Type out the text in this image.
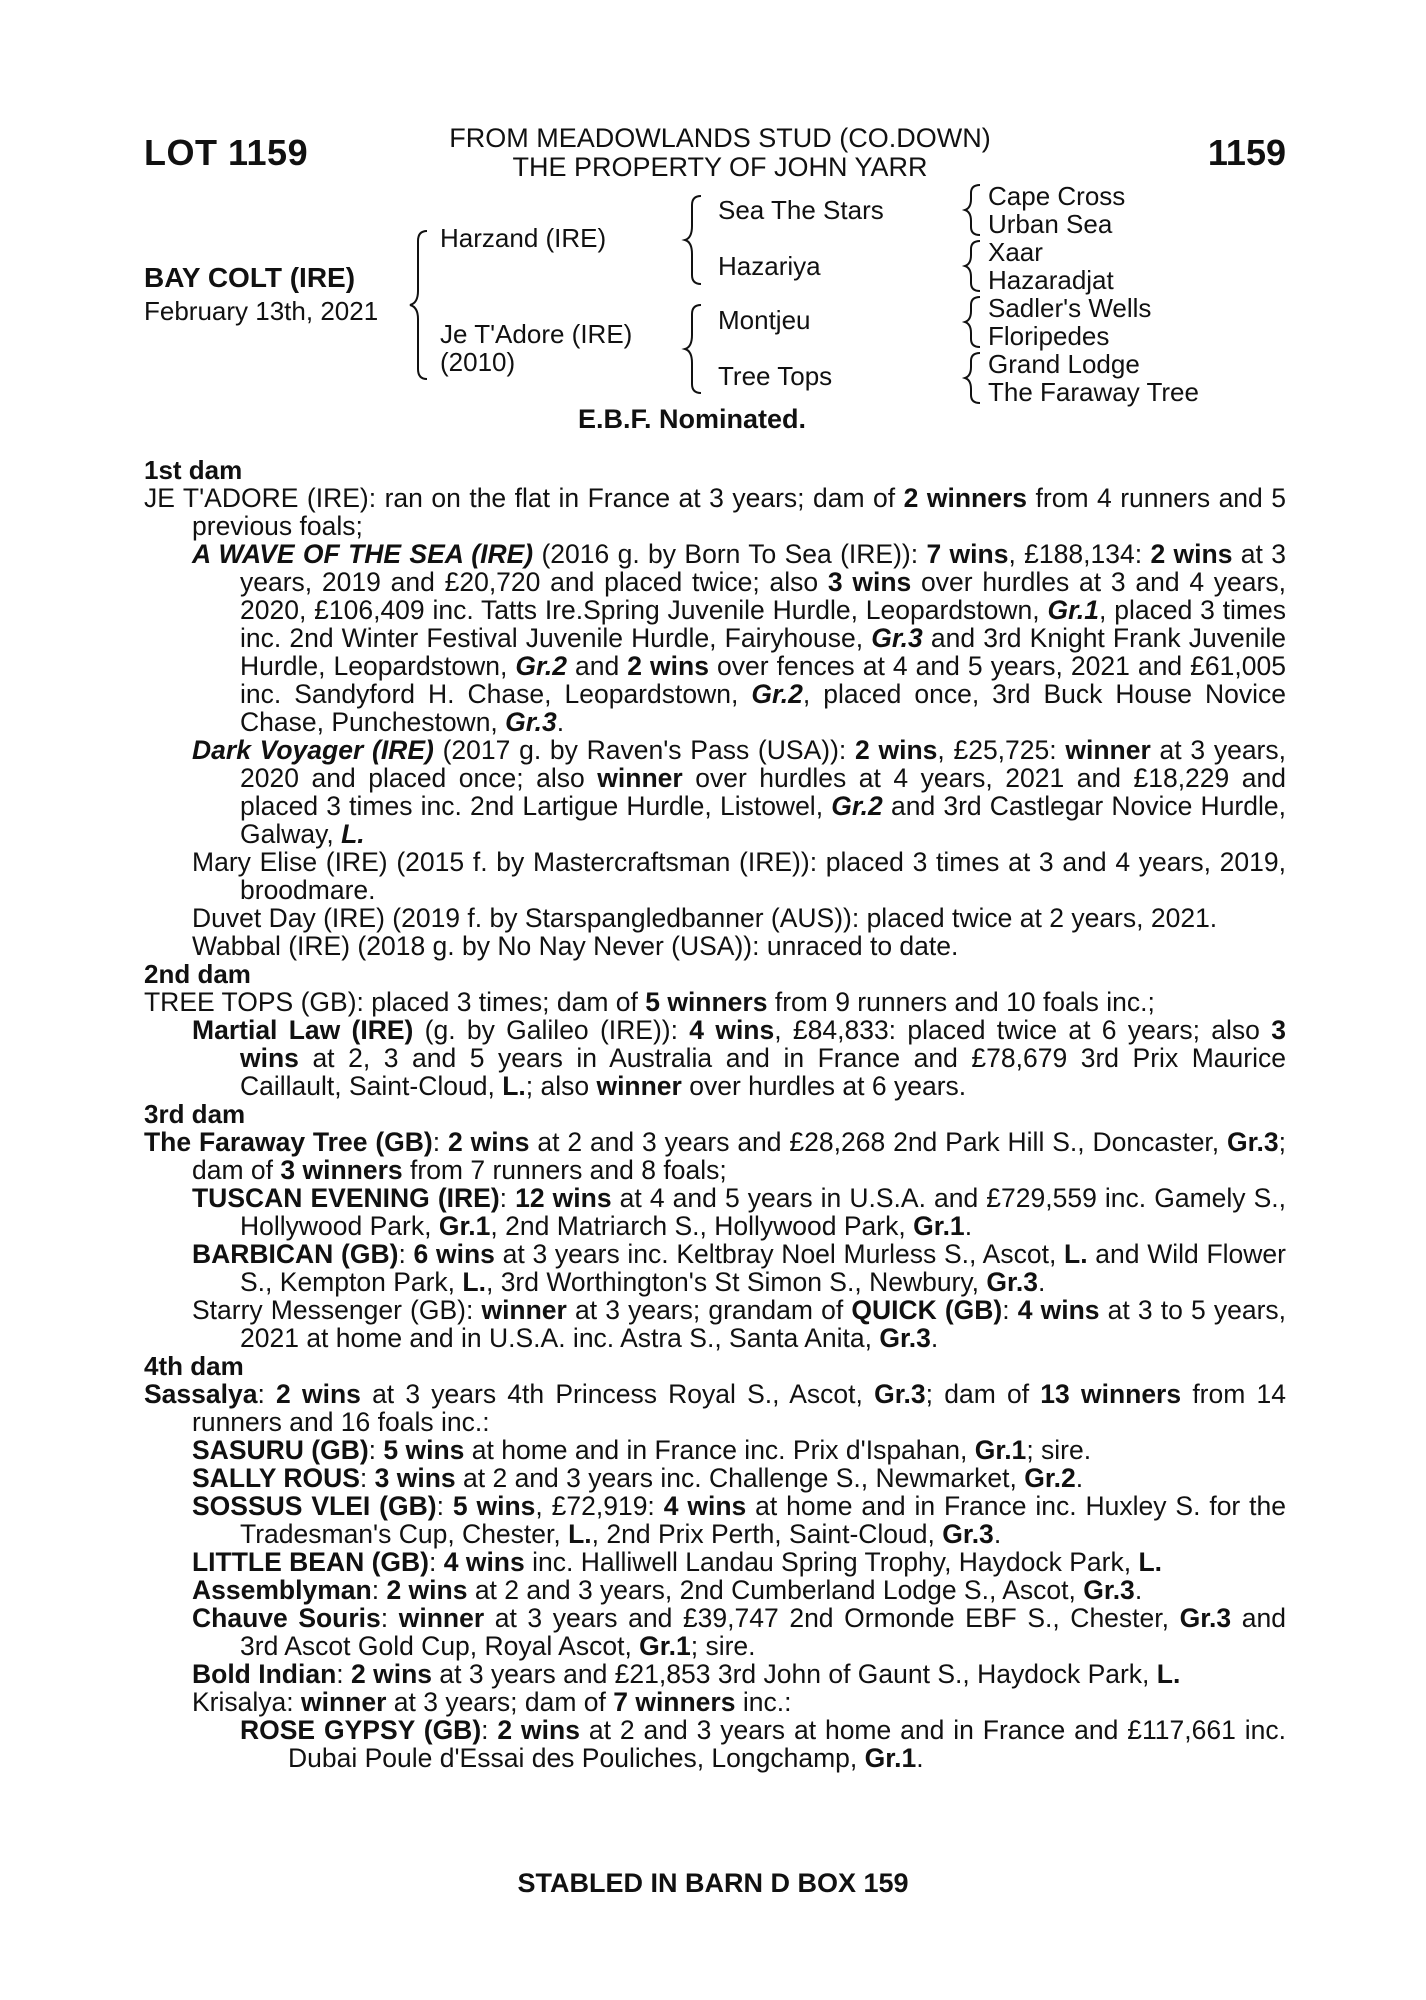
LOT 1159	FROM MEADOWLANDS STUD (CO.DOWN)
THE PROPERTY OF JOHN YARR	1159
BAY COLT (IRE)
February 13th, 2021
Harzand (IRE)
Je T'Adore (IRE)
(2010)
Sea The Stars
Hazariya
Montjeu
Tree Tops
Cape Cross
Urban Sea
Xaar
Hazaradjat
Sadler's Wells
Floripedes
Grand Lodge
The Faraway Tree
E.B.F. Nominated.
1st dam

JE T'ADORE (IRE): ran on the flat in France at 3 years; dam of 2 winners from 4 runners and 5 previous foals;

A WAVE OF THE SEA (IRE) (2016 g. by Born To Sea (IRE)): 7 wins, £188,134: 2 wins at 3 years, 2019 and £20,720 and placed twice; also 3 wins over hurdles at 3 and 4 years, 2020, £106,409 inc. Tatts Ire.Spring Juvenile Hurdle, Leopardstown, Gr.1, placed 3 times inc. 2nd Winter Festival Juvenile Hurdle, Fairyhouse, Gr.3 and 3rd Knight Frank Juvenile Hurdle, Leopardstown, Gr.2 and 2 wins over fences at 4 and 5 years, 2021 and £61,005 inc. Sandyford H. Chase, Leopardstown, Gr.2, placed once, 3rd Buck House Novice Chase, Punchestown, Gr.3.

Dark Voyager (IRE) (2017 g. by Raven's Pass (USA)): 2 wins, £25,725: winner at 3 years, 2020 and placed once; also winner over hurdles at 4 years, 2021 and £18,229 and placed 3 times inc. 2nd Lartigue Hurdle, Listowel, Gr.2 and 3rd Castlegar Novice Hurdle, Galway, L.

Mary Elise (IRE) (2015 f. by Mastercraftsman (IRE)): placed 3 times at 3 and 4 years, 2019, broodmare.

Duvet Day (IRE) (2019 f. by Starspangledbanner (AUS)): placed twice at 2 years, 2021.

Wabbal (IRE) (2018 g. by No Nay Never (USA)): unraced to date.

2nd dam

TREE TOPS (GB): placed 3 times; dam of 5 winners from 9 runners and 10 foals inc.;

Martial Law (IRE) (g. by Galileo (IRE)): 4 wins, £84,833: placed twice at 6 years; also 3 wins at 2, 3 and 5 years in Australia and in France and £78,679 3rd Prix Maurice Caillault, Saint-Cloud, L.; also winner over hurdles at 6 years.

3rd dam

The Faraway Tree (GB): 2 wins at 2 and 3 years and £28,268 2nd Park Hill S., Doncaster, Gr.3; dam of 3 winners from 7 runners and 8 foals;

TUSCAN EVENING (IRE): 12 wins at 4 and 5 years in U.S.A. and £729,559 inc. Gamely S., Hollywood Park, Gr.1, 2nd Matriarch S., Hollywood Park, Gr.1.

BARBICAN (GB): 6 wins at 3 years inc. Keltbray Noel Murless S., Ascot, L. and Wild Flower S., Kempton Park, L., 3rd Worthington's St Simon S., Newbury, Gr.3.

Starry Messenger (GB): winner at 3 years; grandam of QUICK (GB): 4 wins at 3 to 5 years, 2021 at home and in U.S.A. inc. Astra S., Santa Anita, Gr.3.

4th dam

Sassalya: 2 wins at 3 years 4th Princess Royal S., Ascot, Gr.3; dam of 13 winners from 14 runners and 16 foals inc.:

SASURU (GB): 5 wins at home and in France inc. Prix d'Ispahan, Gr.1; sire.

SALLY ROUS: 3 wins at 2 and 3 years inc. Challenge S., Newmarket, Gr.2.

SOSSUS VLEI (GB): 5 wins, £72,919: 4 wins at home and in France inc. Huxley S. for the Tradesman's Cup, Chester, L., 2nd Prix Perth, Saint-Cloud, Gr.3.

LITTLE BEAN (GB): 4 wins inc. Halliwell Landau Spring Trophy, Haydock Park, L.

Assemblyman: 2 wins at 2 and 3 years, 2nd Cumberland Lodge S., Ascot, Gr.3.

Chauve Souris: winner at 3 years and £39,747 2nd Ormonde EBF S., Chester, Gr.3 and 3rd Ascot Gold Cup, Royal Ascot, Gr.1; sire.

Bold Indian: 2 wins at 3 years and £21,853 3rd John of Gaunt S., Haydock Park, L.

Krisalya: winner at 3 years; dam of 7 winners inc.:

ROSE GYPSY (GB): 2 wins at 2 and 3 years at home and in France and £117,661 inc. Dubai Poule d'Essai des Pouliches, Longchamp, Gr.1.

STABLED IN BARN D BOX 159
